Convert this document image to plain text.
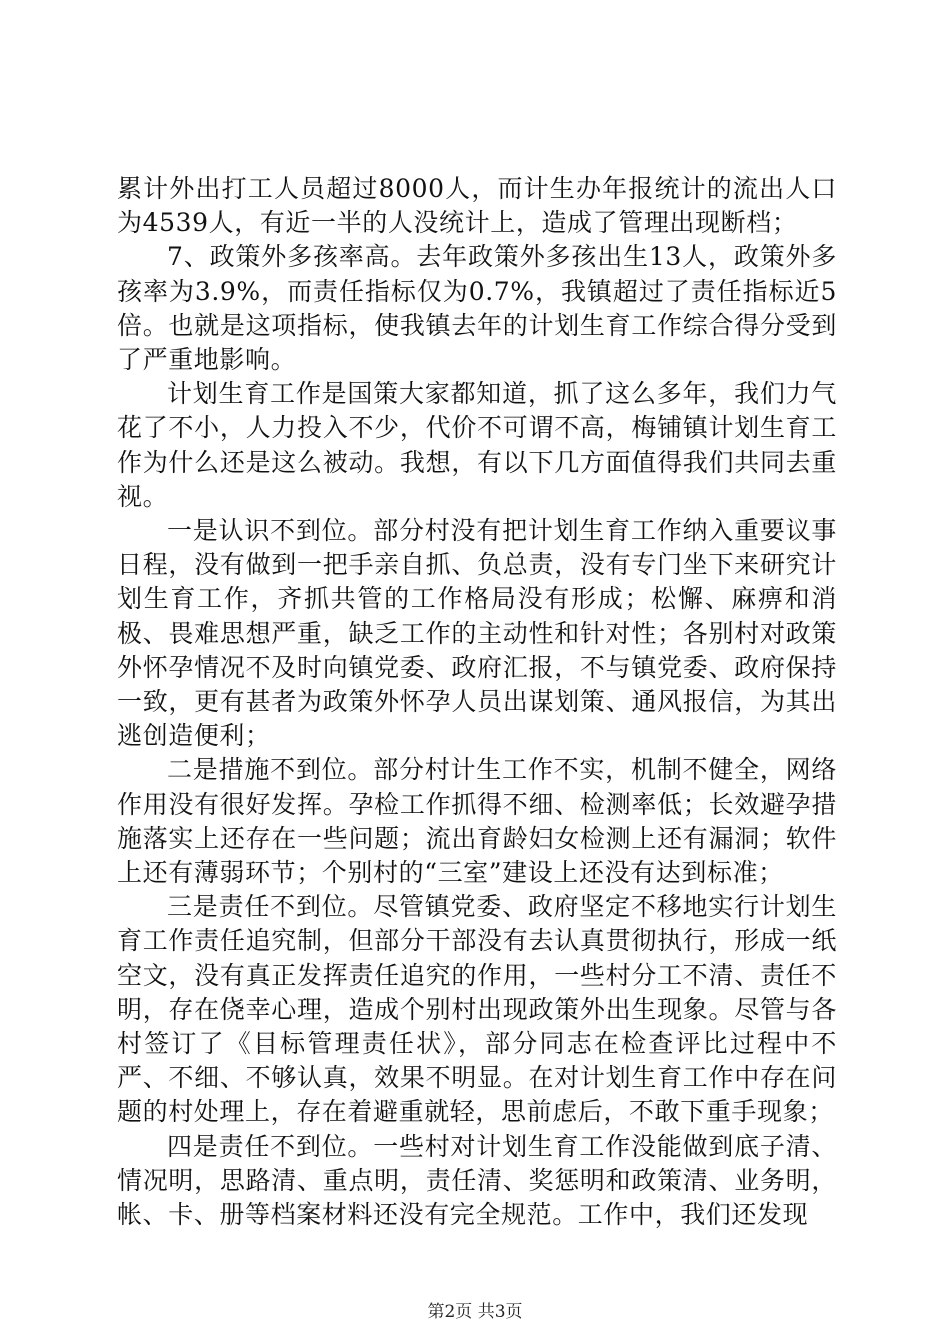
累计外出打工人员超过8000人，而计生办年报统计的流出人口为4539人，有近一半的人没统计上，造成了管理出现断档；

7、政策外多孩率高。去年政策外多孩出生13人，政策外多孩率为3.9%，而责任指标仅为0.7%，我镇超过了责任指标近5倍。也就是这项指标，使我镇去年的计划生育工作综合得分受到了严重地影响。

计划生育工作是国策大家都知道，抓了这么多年，我们力气花了不小，人力投入不少，代价不可谓不高，梅铺镇计划生育工作为什么还是这么被动。我想，有以下几方面值得我们共同去重视。

一是认识不到位。部分村没有把计划生育工作纳入重要议事日程，没有做到一把手亲自抓、负总责，没有专门坐下来研究计划生育工作，齐抓共管的工作格局没有形成；松懈、麻痹和消极、畏难思想严重，缺乏工作的主动性和针对性；各别村对政策外怀孕情况不及时向镇党委、政府汇报，不与镇党委、政府保持一致，更有甚者为政策外怀孕人员出谋划策、通风报信，为其出逃创造便利；

二是措施不到位。部分村计生工作不实，机制不健全，网络作用没有很好发挥。孕检工作抓得不细、检测率低；长效避孕措施落实上还存在一些问题；流出育龄妇女检测上还有漏洞；软件上还有薄弱环节；个别村的“三室”建设上还没有达到标准；

三是责任不到位。尽管镇党委、政府坚定不移地实行计划生育工作责任追究制，但部分干部没有去认真贯彻执行，形成一纸空文，没有真正发挥责任追究的作用，一些村分工不清、责任不明，存在侥幸心理，造成个别村出现政策外出生现象。尽管与各村签订了《目标管理责任状》，部分同志在检查评比过程中不严、不细、不够认真，效果不明显。在对计划生育工作中存在问题的村处理上，存在着避重就轻，思前虑后，不敢下重手现象；

四是责任不到位。一些村对计划生育工作没能做到底子清、情况明，思路清、重点明，责任清、奖惩明和政策清、业务明，帐、卡、册等档案材料还没有完全规范。工作中，我们还发现

第2页 共3页
